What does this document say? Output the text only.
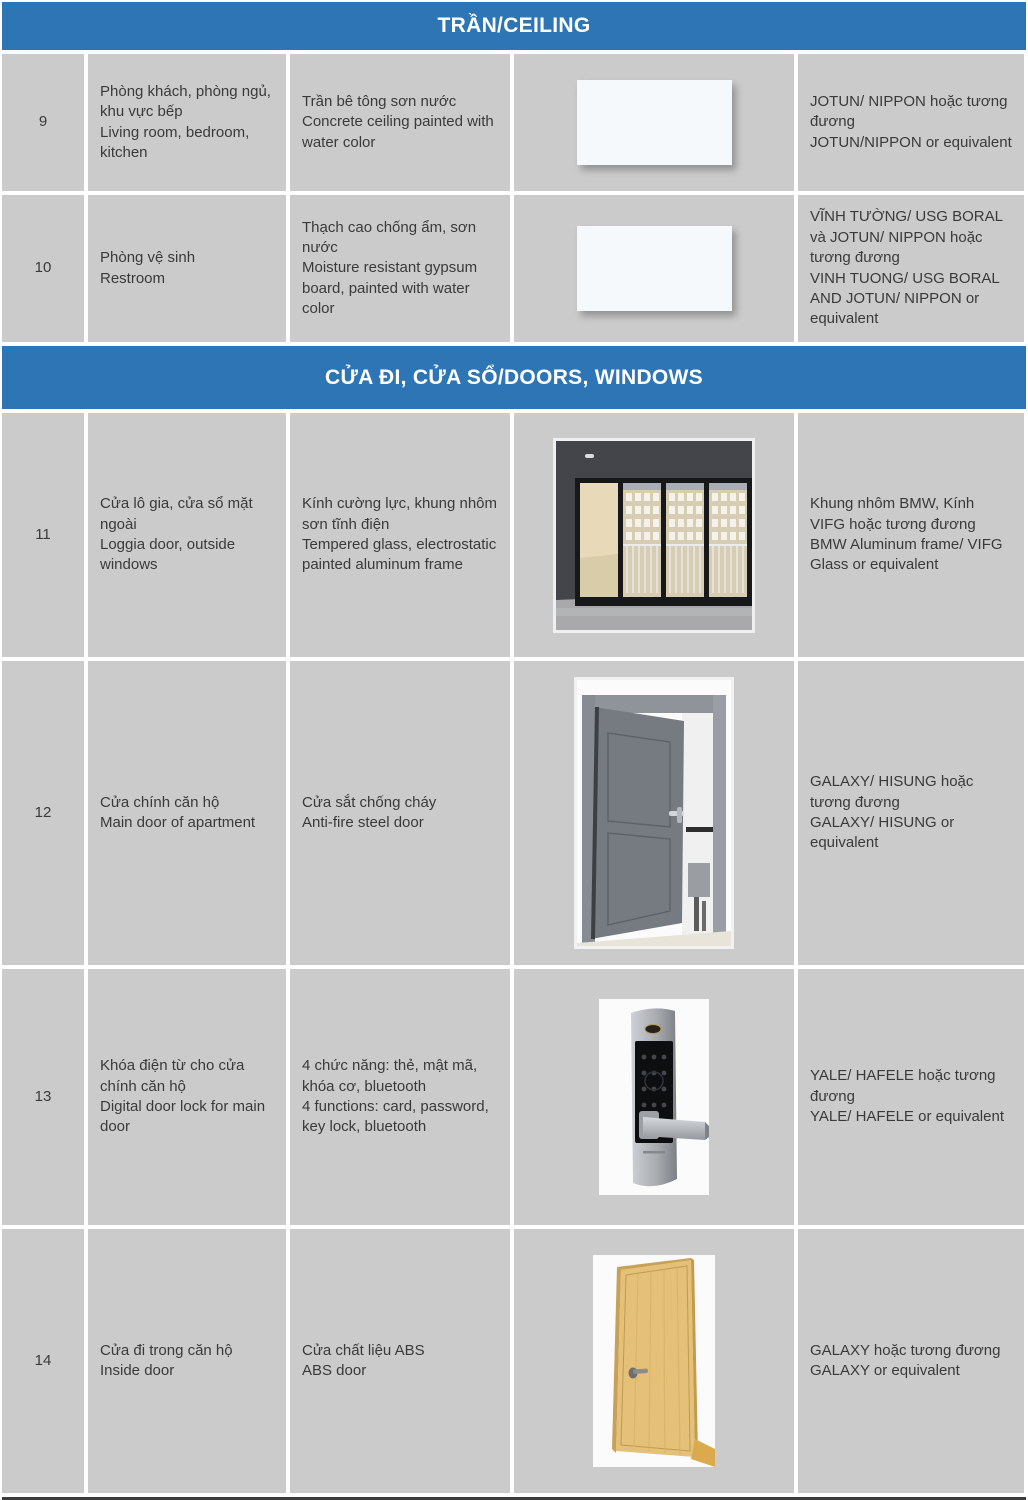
TRẦN/CEILING
9
Phòng khách, phòng ngủ, khu vực bếp
Living room, bedroom, kitchen
Trần bê tông sơn nước
Concrete ceiling painted with water color
JOTUN/ NIPPON hoặc tương đương
JOTUN/NIPPON or equivalent
10
Phòng vệ sinh
Restroom
Thạch cao chống ẩm, sơn nước
Moisture resistant gypsum board, painted with water color
VĨNH TƯỜNG/ USG BORAL và JOTUN/ NIPPON hoặc tương đương
VINH TUONG/ USG BORAL AND JOTUN/ NIPPON or equivalent
CỬA ĐI, CỬA SỔ/DOORS, WINDOWS
11
Cửa lô gia, cửa sổ mặt ngoài
Loggia door, outside windows
Kính cường lực, khung nhôm sơn tĩnh điện
Tempered glass, electrostatic painted aluminum frame
Khung nhôm BMW, Kính VIFG hoặc tương đương
BMW Aluminum frame/ VIFG Glass or equivalent
12
Cửa chính căn hộ
Main door of apartment
Cửa sắt chống cháy
Anti-fire steel door
GALAXY/ HISUNG hoặc tương đương
GALAXY/ HISUNG or equivalent
13
Khóa điện từ cho cửa chính căn hộ
Digital door lock for main door
4 chức năng: thẻ, mật mã, khóa cơ, bluetooth
4 functions: card, password, key lock, bluetooth
YALE/ HAFELE hoặc tương đương
YALE/ HAFELE or equivalent
14
Cửa đi trong căn hộ
Inside door
Cửa chất liệu ABS
ABS door
GALAXY hoặc tương đương
GALAXY or equivalent
